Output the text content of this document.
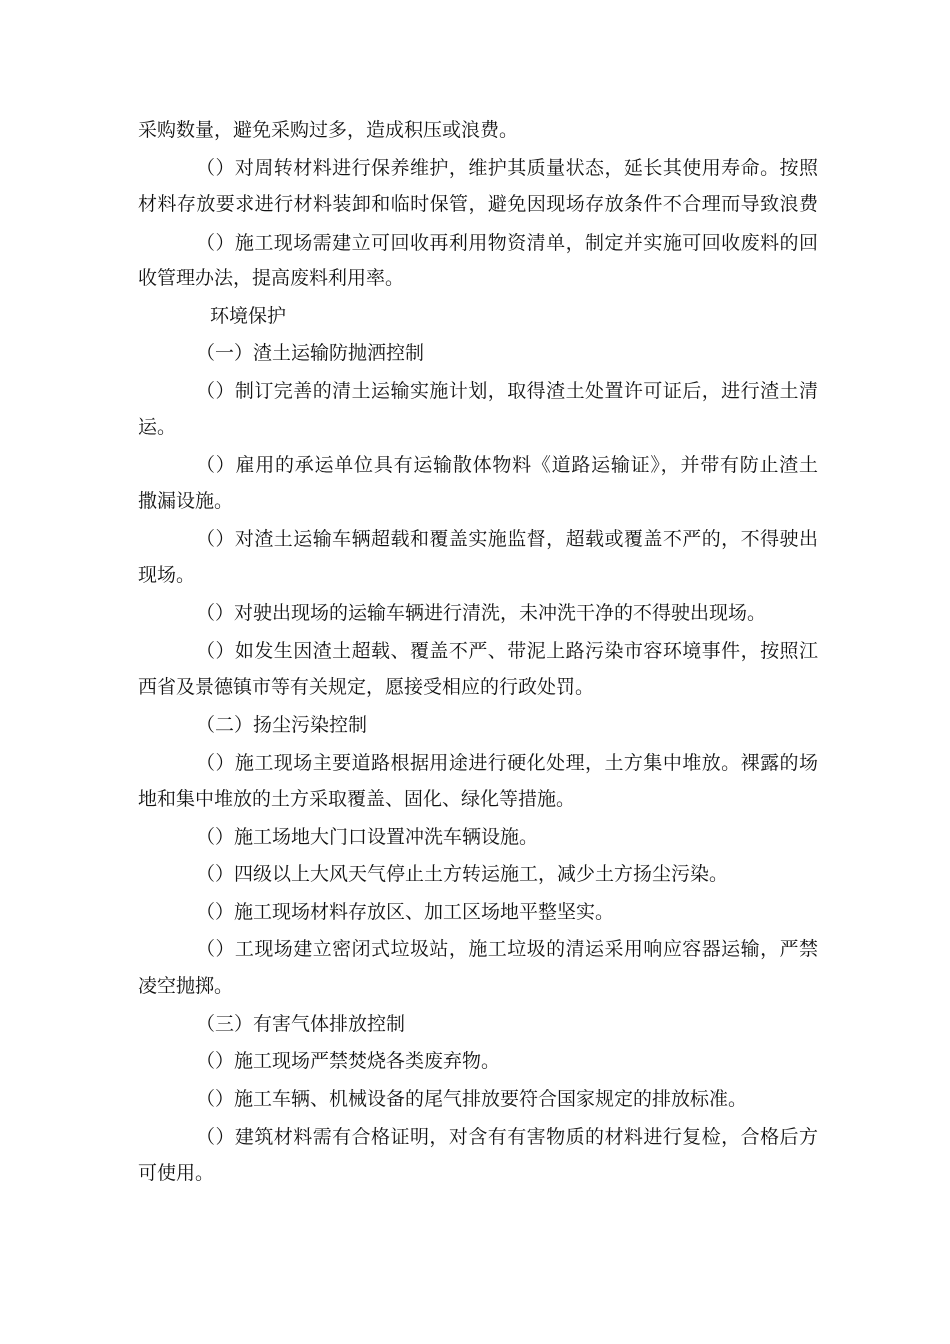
采购数量，避免采购过多，造成积压或浪费。
（）对周转材料进行保养维护，维护其质量状态，延长其使用寿命。按照
材料存放要求进行材料装卸和临时保管，避免因现场存放条件不合理而导致浪费
（）施工现场需建立可回收再利用物资清单，制定并实施可回收废料的回
收管理办法，提高废料利用率。
环境保护
（一）渣土运输防抛洒控制
（）制订完善的清土运输实施计划，取得渣土处置许可证后，进行渣土清
运。
（）雇用的承运单位具有运输散体物料《道路运输证》，并带有防止渣土
撒漏设施。
（）对渣土运输车辆超载和覆盖实施监督，超载或覆盖不严的，不得驶出
现场。
（）对驶出现场的运输车辆进行清洗，未冲洗干净的不得驶出现场。
（）如发生因渣土超载、覆盖不严、带泥上路污染市容环境事件，按照江
西省及景德镇市等有关规定，愿接受相应的行政处罚。
（二）扬尘污染控制
（）施工现场主要道路根据用途进行硬化处理，土方集中堆放。裸露的场
地和集中堆放的土方采取覆盖、固化、绿化等措施。
（）施工场地大门口设置冲洗车辆设施。
（）四级以上大风天气停止土方转运施工，减少土方扬尘污染。
（）施工现场材料存放区、加工区场地平整坚实。
（）工现场建立密闭式垃圾站，施工垃圾的清运采用响应容器运输，严禁
凌空抛掷。
（三）有害气体排放控制
（）施工现场严禁焚烧各类废弃物。
（）施工车辆、机械设备的尾气排放要符合国家规定的排放标准。
（）建筑材料需有合格证明，对含有有害物质的材料进行复检，合格后方
可使用。
